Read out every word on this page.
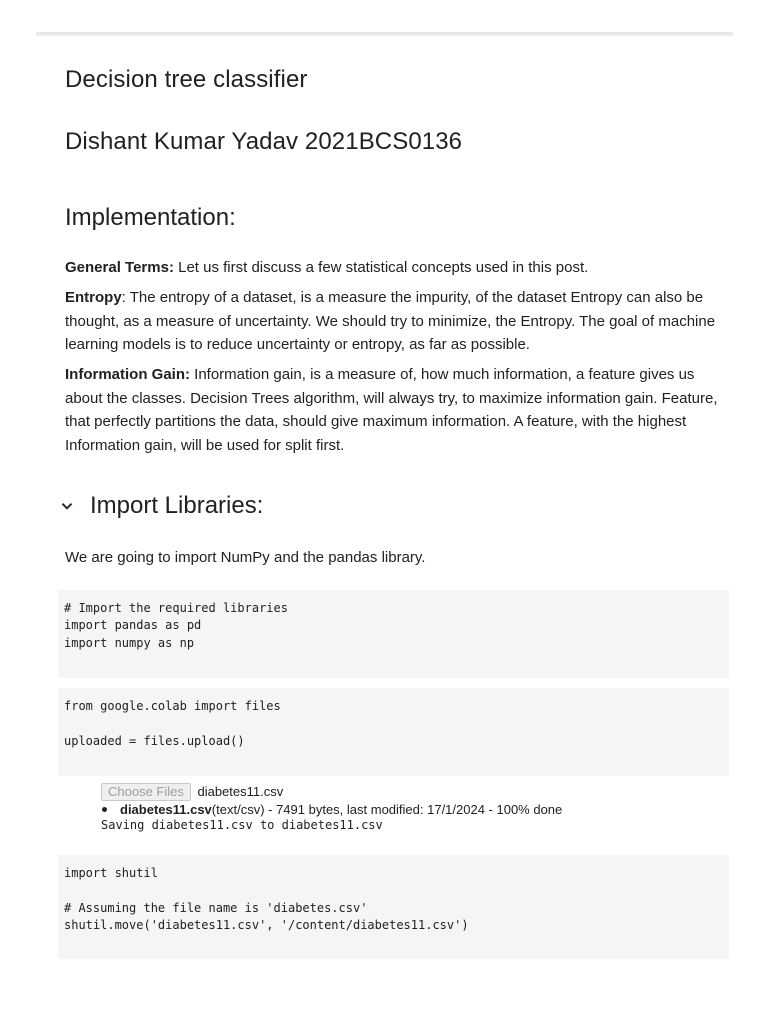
Decision tree classifier
Dishant Kumar Yadav 2021BCS0136
Implementation:

General Terms: Let us first discuss a few statistical concepts used in this post.

Entropy: The entropy of a dataset, is a measure the impurity, of the dataset Entropy can also be thought, as a measure of uncertainty. We should try to minimize, the Entropy. The goal of machine learning models is to reduce uncertainty or entropy, as far as possible.

Information Gain: Information gain, is a measure of, how much information, a feature gives us about the classes. Decision Trees algorithm, will always try, to maximize information gain. Feature, that perfectly partitions the data, should give maximum information. A feature, with the highest Information gain, will be used for split first.

Import Libraries:

We are going to import NumPy and the pandas library.

# Import the required libraries
import pandas as pd
import numpy as np
from google.colab import files

uploaded = files.upload()
Choose Files diabetes11.csv
diabetes11.csv(text/csv) - 7491 bytes, last modified: 17/1/2024 - 100% done
Saving diabetes11.csv to diabetes11.csv
import shutil

# Assuming the file name is 'diabetes.csv'
shutil.move('diabetes11.csv', '/content/diabetes11.csv')
